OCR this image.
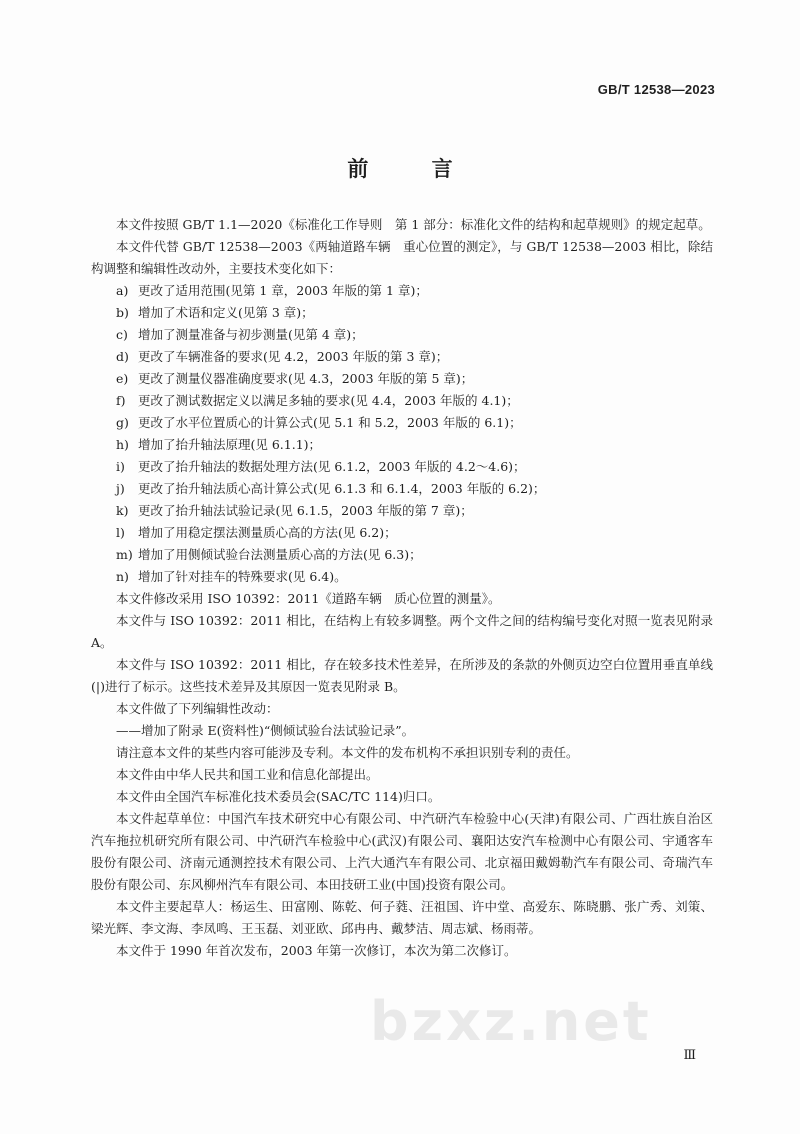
GB/T 12538—2023
前 言

本文件按照 GB/T 1.1—2020《标准化工作导则　第 1 部分：标准化文件的结构和起草规则》的规定起草。

本文件代替 GB/T 12538—2003《两轴道路车辆　重心位置的测定》，与 GB/T 12538—2003 相比，除结构调整和编辑性改动外，主要技术变化如下：

a) 更改了适用范围(见第 1 章，2003 年版的第 1 章)；

b) 增加了术语和定义(见第 3 章)；

c) 增加了测量准备与初步测量(见第 4 章)；

d) 更改了车辆准备的要求(见 4.2，2003 年版的第 3 章)；

e) 更改了测量仪器准确度要求(见 4.3，2003 年版的第 5 章)；

f) 更改了测试数据定义以满足多轴的要求(见 4.4，2003 年版的 4.1)；

g) 更改了水平位置质心的计算公式(见 5.1 和 5.2，2003 年版的 6.1)；

h) 增加了抬升轴法原理(见 6.1.1)；

i) 更改了抬升轴法的数据处理方法(见 6.1.2，2003 年版的 4.2～4.6)；

j) 更改了抬升轴法质心高计算公式(见 6.1.3 和 6.1.4，2003 年版的 6.2)；

k) 更改了抬升轴法试验记录(见 6.1.5，2003 年版的第 7 章)；

l) 增加了用稳定摆法测量质心高的方法(见 6.2)；

m) 增加了用侧倾试验台法测量质心高的方法(见 6.3)；

n) 增加了针对挂车的特殊要求(见 6.4)。

本文件修改采用 ISO 10392：2011《道路车辆　质心位置的测量》。

本文件与 ISO 10392：2011 相比，在结构上有较多调整。两个文件之间的结构编号变化对照一览表见附录 A。

本文件与 ISO 10392：2011 相比，存在较多技术性差异，在所涉及的条款的外侧页边空白位置用垂直单线(|)进行了标示。这些技术差异及其原因一览表见附录 B。

本文件做了下列编辑性改动：

——增加了附录 E(资料性)“侧倾试验台法试验记录”。

请注意本文件的某些内容可能涉及专利。本文件的发布机构不承担识别专利的责任。

本文件由中华人民共和国工业和信息化部提出。

本文件由全国汽车标准化技术委员会(SAC/TC 114)归口。

本文件起草单位：中国汽车技术研究中心有限公司、中汽研汽车检验中心(天津)有限公司、广西壮族自治区汽车拖拉机研究所有限公司、中汽研汽车检验中心(武汉)有限公司、襄阳达安汽车检测中心有限公司、宇通客车股份有限公司、济南元通测控技术有限公司、上汽大通汽车有限公司、北京福田戴姆勒汽车有限公司、奇瑞汽车股份有限公司、东风柳州汽车有限公司、本田技研工业(中国)投资有限公司。

本文件主要起草人：杨运生、田富刚、陈乾、何子蕤、汪祖国、许中堂、高爱东、陈晓鹏、张广秀、刘策、梁光辉、李文海、李凤鸣、王玉磊、刘亚欧、邱冉冉、戴梦洁、周志斌、杨雨蒂。

本文件于 1990 年首次发布，2003 年第一次修订，本次为第二次修订。

bzxz.net
Ⅲ
